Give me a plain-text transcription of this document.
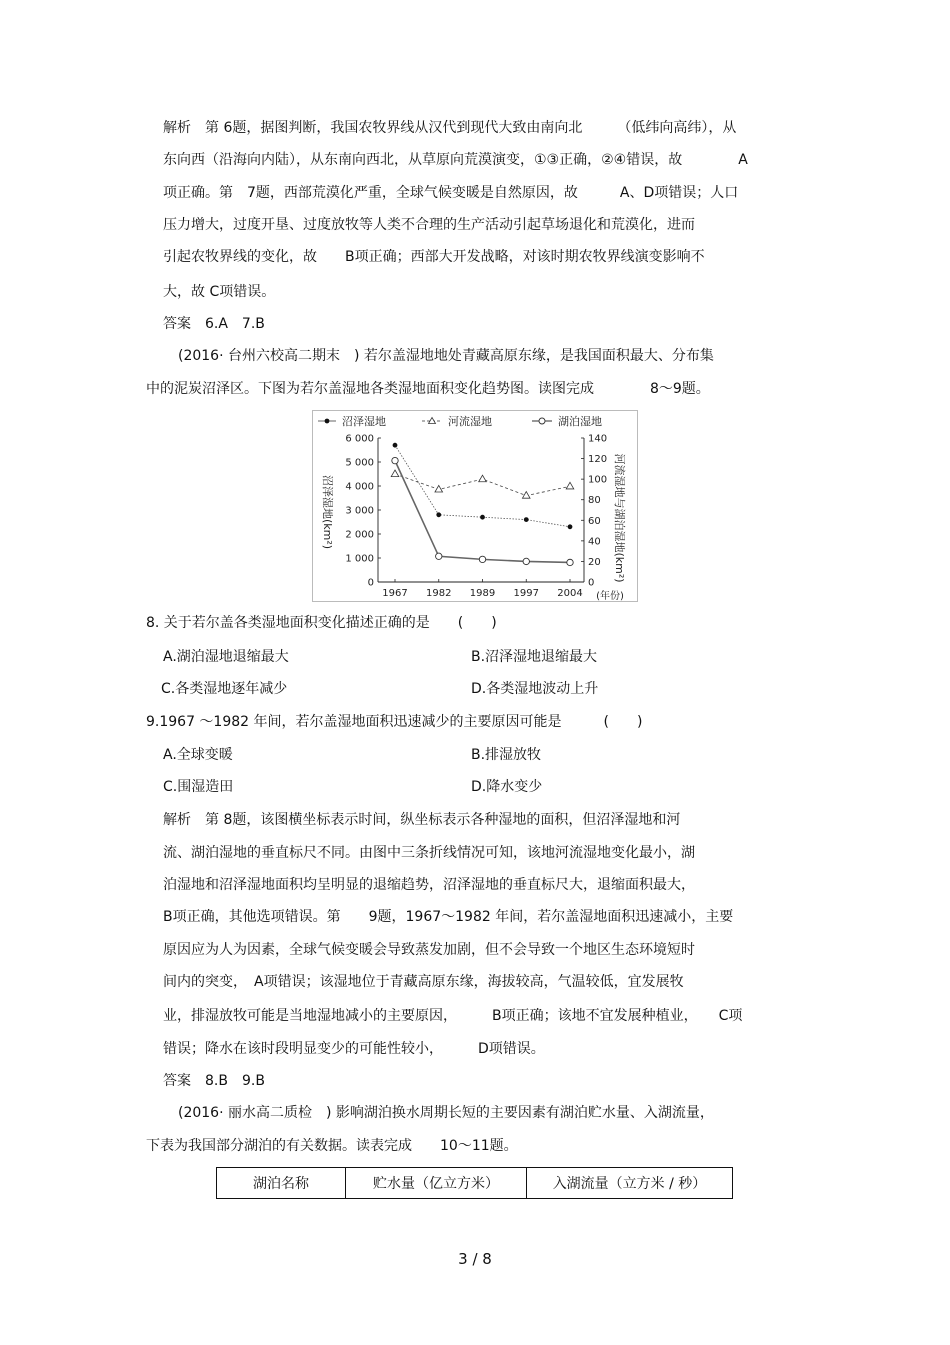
解析　第 6题，据图判断，我国农牧界线从汉代到现代大致由南向北　　　（低纬向高纬），从
东向西（沿海向内陆），从东南向西北，从草原向荒漠演变，①③正确，②④错误，故　　　　A
项正确。第　7题，西部荒漠化严重，全球气候变暖是自然原因，故　　　A、D项错误；人口
压力增大，过度开垦、过度放牧等人类不合理的生产活动引起草场退化和荒漠化，进而
引起农牧界线的变化，故　　B项正确；西部大开发战略，对该时期农牧界线演变影响不
大，故 C项错误。
答案　6.A　7.B
(2016· 台州六校高二期末　) 若尔盖湿地地处青藏高原东缘，是我国面积最大、分布集
中的泥炭沼泽区。下图为若尔盖湿地各类湿地面积变化趋势图。读图完成　　　　8～9题。
沼泽湿地	河流湿地	湖泊湿地
0
1 000
2 000
3 000
4 000
5 000
6 000
0
20
40
60
80
100
120
140
1967 1982 1989 1997 2004
沼泽湿地(km²)	河流湿地与湖泊湿地(km²)
(年份)
8. 关于若尔盖各类湿地面积变化描述正确的是　　(　　)
A.湖泊湿地退缩最大	B.沼泽湿地退缩最大
C.各类湿地逐年减少	D.各类湿地波动上升
9.1967 ～1982 年间，若尔盖湿地面积迅速减少的主要原因可能是　　　(　　)
A.全球变暖	B.排湿放牧
C.围湿造田	D.降水变少
解析　第 8题，该图横坐标表示时间，纵坐标表示各种湿地的面积，但沼泽湿地和河
流、湖泊湿地的垂直标尺不同。由图中三条折线情况可知，该地河流湿地变化最小，湖
泊湿地和沼泽湿地面积均呈明显的退缩趋势，沼泽湿地的垂直标尺大，退缩面积最大，
B项正确，其他选项错误。第　　9题，1967～1982 年间，若尔盖湿地面积迅速减小，主要
原因应为人为因素，全球气候变暖会导致蒸发加剧，但不会导致一个地区生态环境短时
间内的突变，　A项错误；该湿地位于青藏高原东缘，海拔较高，气温较低，宜发展牧
业，排湿放牧可能是当地湿地减小的主要原因，　　　B项正确；该地不宜发展种植业，　　C项
错误；降水在该时段明显变少的可能性较小，　　　D项错误。
答案　8.B　9.B
(2016· 丽水高二质检　) 影响湖泊换水周期长短的主要因素有湖泊贮水量、入湖流量，
下表为我国部分湖泊的有关数据。读表完成　　10～11题。
湖泊名称	贮水量（亿立方米）	入湖流量（立方米 / 秒）
3 / 8
